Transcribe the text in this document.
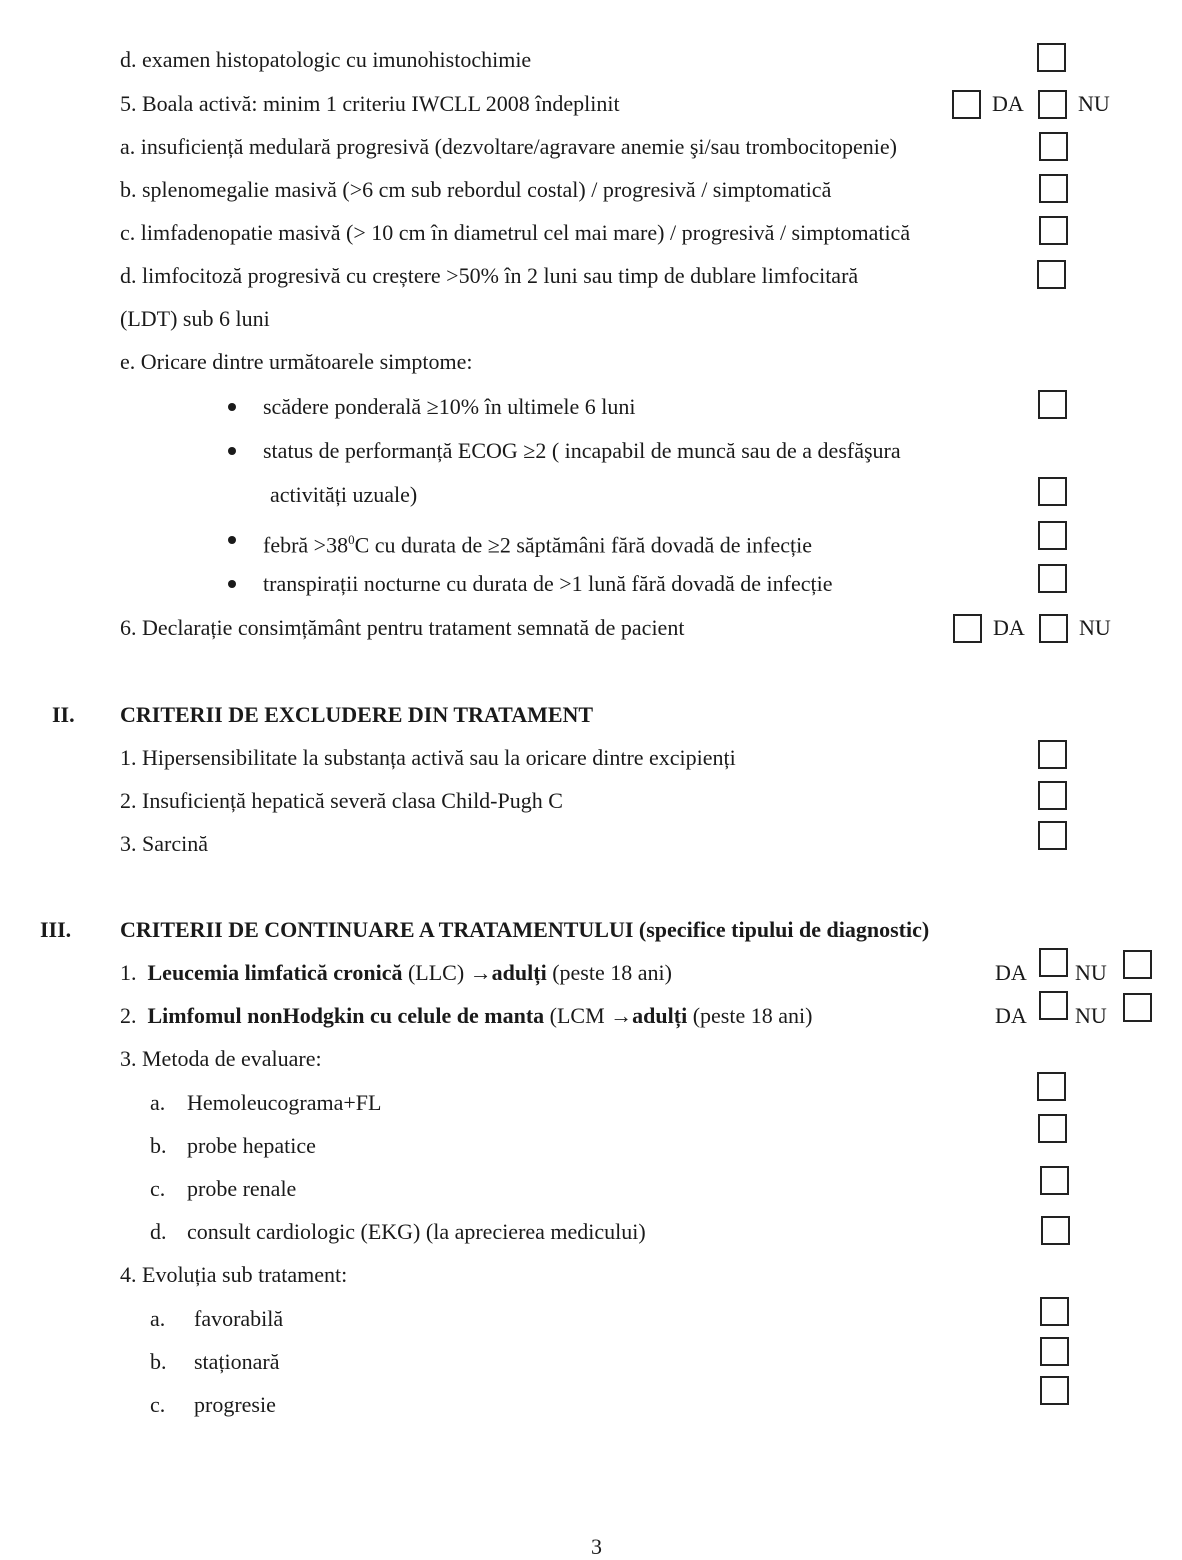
d. examen histopatologic cu imunohistochimie
5. Boala activă: minim 1 criteriu IWCLL 2008 îndeplinit	DA NU
a. insuficiență medulară progresivă (dezvoltare/agravare anemie şi/sau trombocitopenie)
b. splenomegalie masivă (>6 cm sub rebordul costal) / progresivă / simptomatică
c. limfadenopatie masivă (> 10 cm în diametrul cel mai mare) / progresivă / simptomatică
d. limfocitoză progresivă cu creștere >50% în 2 luni sau timp de dublare limfocitară
(LDT) sub 6 luni
e. Oricare dintre următoarele simptome:
scădere ponderală ≥10% în ultimele 6 luni
status de performanță ECOG ≥2 ( incapabil de muncă sau de a desfăşura
activități uzuale)
febră $>38^0C$ cu durata de ≥2 săptămâni fără dovadă de infecție
transpirații nocturne cu durata de >1 lună fără dovadă de infecție
6. Declarație consimțământ pentru tratament semnată de pacient	DA NU
II. CRITERII DE EXCLUDERE DIN TRATAMENT
1. Hipersensibilitate la substanța activă sau la oricare dintre excipienți
2. Insuficiență hepatică severă clasa Child-Pugh C
3. Sarcină
III. CRITERII DE CONTINUARE A TRATAMENTULUI (specifice tipului de diagnostic)
1. Leucemia limfatică cronică (LLC) →adulți (peste 18 ani)	DA NU
2. Limfomul nonHodgkin cu celule de manta (LCM →adulți (peste 18 ani)	DA NU
3. Metoda de evaluare:
a. Hemoleucograma+FL
b. probe hepatice
c. probe renale
d. consult cardiologic (EKG) (la aprecierea medicului)
4. Evoluția sub tratament:
a. favorabilă
b. staționară
c. progresie
3
